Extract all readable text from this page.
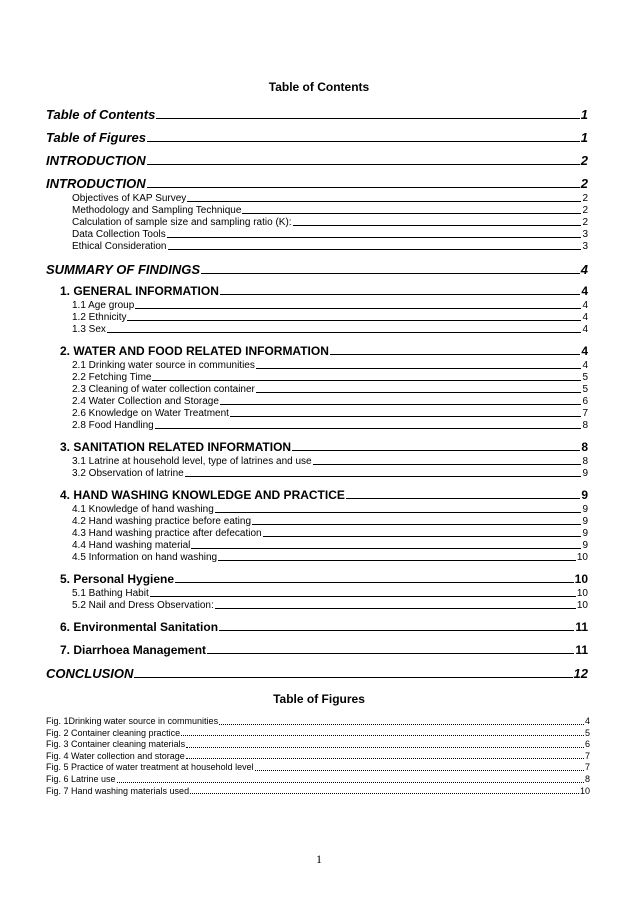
Table of Contents
Table of Contents	1
Table of Figures	1
INTRODUCTION	2
INTRODUCTION	2
Objectives of KAP Survey	2
Methodology and Sampling Technique	2
Calculation of sample size and sampling ratio (K):	2
Data Collection Tools	3
Ethical Consideration	3
SUMMARY OF FINDINGS	4
1. GENERAL INFORMATION	4
1.1 Age group	4
1.2 Ethnicity	4
1.3 Sex	4
2. WATER AND FOOD RELATED INFORMATION	4
2.1 Drinking water source in communities	4
2.2 Fetching Time	5
2.3 Cleaning of water collection container	5
2.4 Water Collection and Storage	6
2.6 Knowledge on Water Treatment	7
2.8 Food Handling	8
3. SANITATION RELATED INFORMATION	8
3.1 Latrine at household level, type of latrines and use	8
3.2 Observation of latrine	9
4. HAND WASHING KNOWLEDGE AND PRACTICE	9
4.1 Knowledge of hand washing	9
4.2 Hand washing practice before eating	9
4.3 Hand washing practice after defecation	9
4.4 Hand washing material	9
4.5 Information on hand washing	10
5. Personal Hygiene	10
5.1 Bathing Habit	10
5.2 Nail and Dress Observation:	10
6. Environmental Sanitation	11
7. Diarrhoea Management	11
CONCLUSION	12
Table of Figures
Fig. 1Drinking water source in communities	4
Fig. 2 Container cleaning practice	5
Fig. 3 Container cleaning materials	6
Fig. 4 Water collection and storage	7
Fig. 5 Practice of water treatment at household level	7
Fig. 6 Latrine use	8
Fig. 7 Hand washing materials used	10
1
